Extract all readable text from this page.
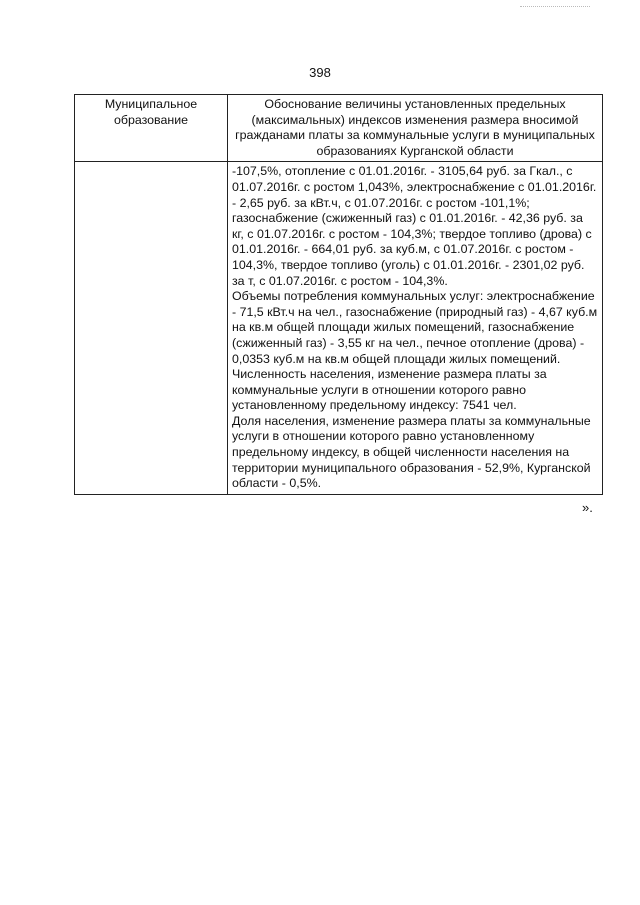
398
Муниципальное образование	Обоснование величины установленных предельных (максимальных) индексов изменения размера вносимой гражданами платы за коммунальные услуги в муниципальных образованиях Курганской области

	-107,5%, отопление с 01.01.2016г. - 3105,64 руб. за Гкал., с 01.07.2016г. с ростом 1,043%, электроснабжение с 01.01.2016г. - 2,65 руб. за кВт.ч, с 01.07.2016г. с ростом -101,1%; газоснабжение (сжиженный газ) с 01.01.2016г. - 42,36 руб. за кг, с 01.07.2016г. с ростом - 104,3%; твердое топливо (дрова) с 01.01.2016г. - 664,01 руб. за куб.м, с 01.07.2016г. с ростом - 104,3%, твердое топливо (уголь) с 01.01.2016г. - 2301,02 руб. за т, с 01.07.2016г. с ростом - 104,3%.

Объемы потребления коммунальных услуг: электроснабжение - 71,5 кВт.ч на чел., газоснабжение (природный газ) - 4,67 куб.м на кв.м общей площади жилых помещений, газоснабжение (сжиженный газ) - 3,55 кг на чел., печное отопление (дрова) - 0,0353 куб.м на кв.м общей площади жилых помещений.

Численность населения, изменение размера платы за коммунальные услуги в отношении которого равно установленному предельному индексу: 7541 чел.

Доля населения, изменение размера платы за коммунальные услуги в отношении которого равно установленному предельному индексу, в общей численности населения на территории муниципального образования - 52,9%, Курганской области - 0,5%.

».
